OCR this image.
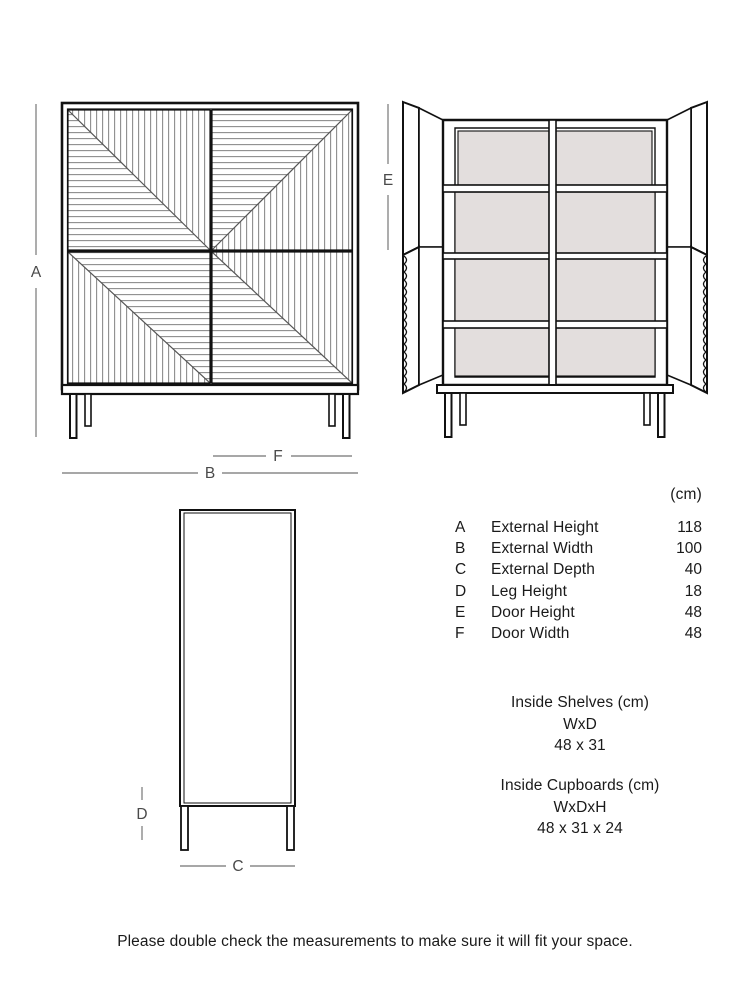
A
F
B
E
D
C
(cm)
A	External Height	118
B	External Width	100
C	External Depth	40
D	Leg Height	18
E	Door Height	48
F	Door Width	48
Inside Shelves (cm)
WxD
48 x 31
Inside Cupboards (cm)
WxDxH
48 x 31 x 24
Please double check the measurements to make sure it will fit your space.
